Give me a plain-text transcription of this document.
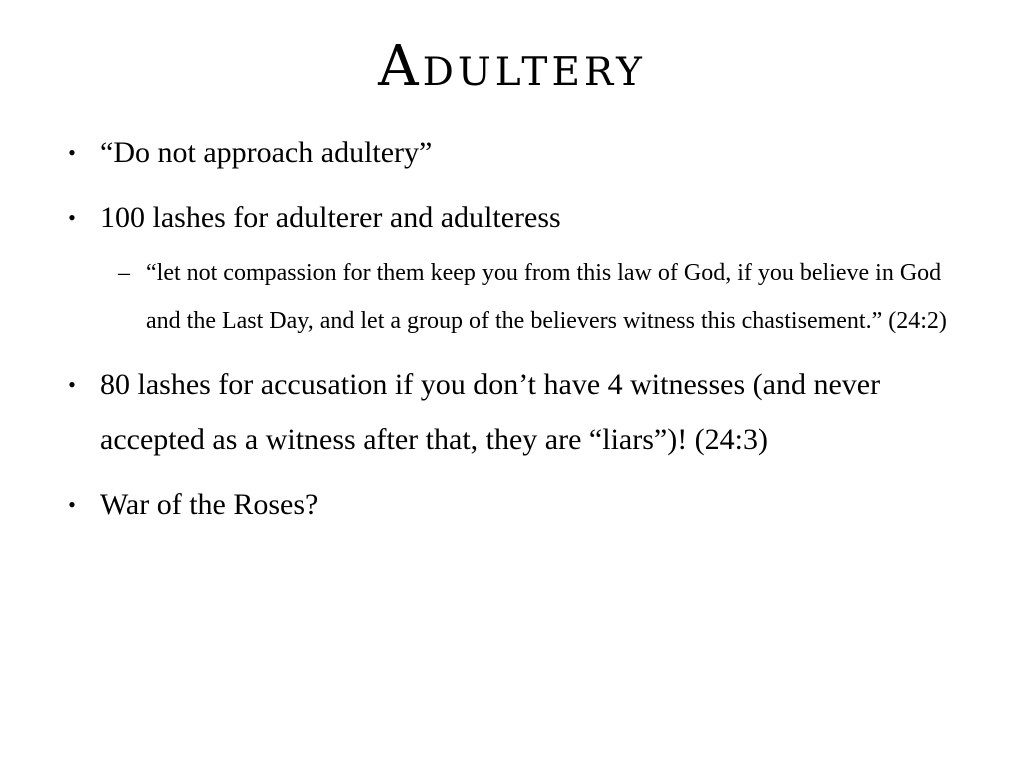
Adultery
• “Do not approach adultery”
• 100 lashes for adulterer and adulteress
– “let not compassion for them keep you from this law of God, if you believe in God and the Last Day, and let a group of the believers witness this chastisement.” (24:2)
• 80 lashes for accusation if you don’t have 4 witnesses (and never accepted as a witness after that, they are “liars”)! (24:3)
• War of the Roses?
